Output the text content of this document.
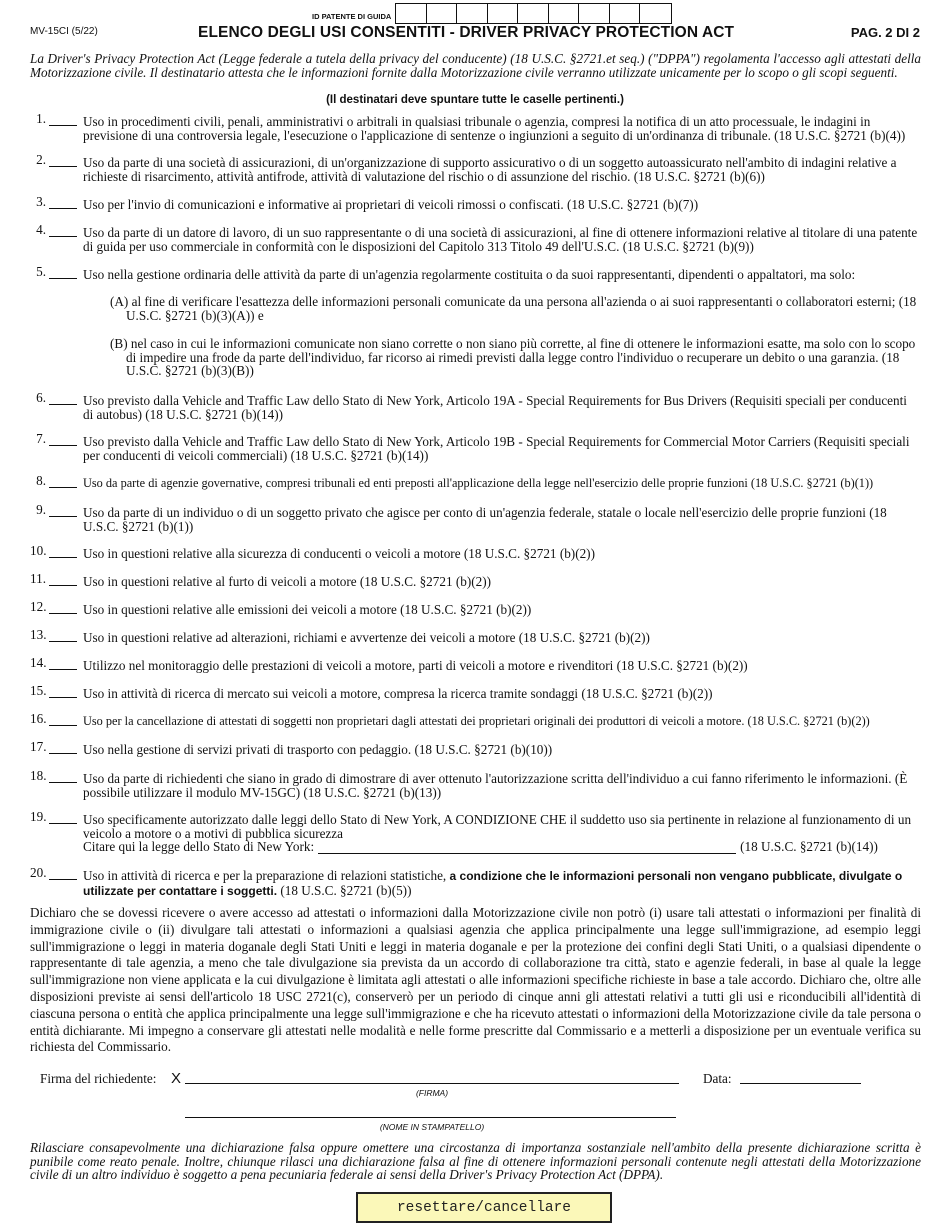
MV-15CI (5/22)
ID PATENTE DI GUIDA
ELENCO DEGLI USI CONSENTITI - DRIVER PRIVACY PROTECTION ACT	PAG. 2 DI 2
La Driver's Privacy Protection Act (Legge federale a tutela della privacy del conducente) (18 U.S.C. §2721.et seq.) ("DPPA") regolamenta l'accesso agli attestati della Motorizzazione civile. Il destinatario attesta che le informazioni fornite dalla Motorizzazione civile verranno utilizzate unicamente per lo scopo o gli scopi seguenti.
(Il destinatari deve spuntare tutte le caselle pertinenti.)
1.	Uso in procedimenti civili, penali, amministrativi o arbitrali in qualsiasi tribunale o agenzia, compresi la notifica di un atto processuale, le indagini in previsione di una controversia legale, l'esecuzione o l'applicazione di sentenze o ingiunzioni a seguito di un'ordinanza di tribunale. (18 U.S.C. §2721 (b)(4))
2.	Uso da parte di una società di assicurazioni, di un'organizzazione di supporto assicurativo o di un soggetto autoassicurato nell'ambito di indagini relative a richieste di risarcimento, attività antifrode, attività di valutazione del rischio o di assunzione del rischio. (18 U.S.C. §2721 (b)(6))
3.	Uso per l'invio di comunicazioni e informative ai proprietari di veicoli rimossi o confiscati. (18 U.S.C. §2721 (b)(7))
4.	Uso da parte di un datore di lavoro, di un suo rappresentante o di una società di assicurazioni, al fine di ottenere informazioni relative al titolare di una patente di guida per uso commerciale in conformità con le disposizioni del Capitolo 313 Titolo 49 dell'U.S.C. (18 U.S.C. §2721 (b)(9))
5.	Uso nella gestione ordinaria delle attività da parte di un'agenzia regolarmente costituita o da suoi rappresentanti, dipendenti o appaltatori, ma solo:
(A) al fine di verificare l'esattezza delle informazioni personali comunicate da una persona all'azienda o ai suoi rappresentanti o collaboratori esterni; (18 U.S.C. §2721 (b)(3)(A)) e
(B) nel caso in cui le informazioni comunicate non siano corrette o non siano più corrette, al fine di ottenere le informazioni esatte, ma solo con lo scopo di impedire una frode da parte dell'individuo, far ricorso ai rimedi previsti dalla legge contro l'individuo o recuperare un debito o una garanzia. (18 U.S.C. §2721 (b)(3)(B))
6.	Uso previsto dalla Vehicle and Traffic Law dello Stato di New York, Articolo 19A - Special Requirements for Bus Drivers (Requisiti speciali per conducenti di autobus) (18 U.S.C. §2721 (b)(14))
7.	Uso previsto dalla Vehicle and Traffic Law dello Stato di New York, Articolo 19B - Special Requirements for Commercial Motor Carriers (Requisiti speciali per conducenti di veicoli commerciali) (18 U.S.C. §2721 (b)(14))
8.	Uso da parte di agenzie governative, compresi tribunali ed enti preposti all'applicazione della legge nell'esercizio delle proprie funzioni (18 U.S.C. §2721 (b)(1))
9.	Uso da parte di un individuo o di un soggetto privato che agisce per conto di un'agenzia federale, statale o locale nell'esercizio delle proprie funzioni (18 U.S.C. §2721 (b)(1))
10.	Uso in questioni relative alla sicurezza di conducenti o veicoli a motore (18 U.S.C. §2721 (b)(2))
11.	Uso in questioni relative al furto di veicoli a motore (18 U.S.C. §2721 (b)(2))
12.	Uso in questioni relative alle emissioni dei veicoli a motore (18 U.S.C. §2721 (b)(2))
13.	Uso in questioni relative ad alterazioni, richiami e avvertenze dei veicoli a motore (18 U.S.C. §2721 (b)(2))
14.	Utilizzo nel monitoraggio delle prestazioni di veicoli a motore, parti di veicoli a motore e rivenditori (18 U.S.C. §2721 (b)(2))
15.	Uso in attività di ricerca di mercato sui veicoli a motore, compresa la ricerca tramite sondaggi (18 U.S.C. §2721 (b)(2))
16.	Uso per la cancellazione di attestati di soggetti non proprietari dagli attestati dei proprietari originali dei produttori di veicoli a motore. (18 U.S.C. §2721 (b)(2))
17.	Uso nella gestione di servizi privati di trasporto con pedaggio. (18 U.S.C. §2721 (b)(10))
18.	Uso da parte di richiedenti che siano in grado di dimostrare di aver ottenuto l'autorizzazione scritta dell'individuo a cui fanno riferimento le informazioni. (È possibile utilizzare il modulo MV-15GC) (18 U.S.C. §2721 (b)(13))
19.	Uso specificamente autorizzato dalle leggi dello Stato di New York, A CONDIZIONE CHE il suddetto uso sia pertinente in relazione al funzionamento di un veicolo a motore o a motivi di pubblica sicurezza
Citare qui la legge dello Stato di New York:	(18 U.S.C. §2721 (b)(14))
20.	Uso in attività di ricerca e per la preparazione di relazioni statistiche, a condizione che le informazioni personali non vengano pubblicate, divulgate o utilizzate per contattare i soggetti. (18 U.S.C. §2721 (b)(5))
Dichiaro che se dovessi ricevere o avere accesso ad attestati o informazioni dalla Motorizzazione civile non potrò (i) usare tali attestati o informazioni per finalità di immigrazione civile o (ii) divulgare tali attestati o informazioni a qualsiasi agenzia che applica principalmente una legge sull'immigrazione, ad esempio leggi sull'immigrazione o leggi in materia doganale degli Stati Uniti e leggi in materia doganale e per la protezione dei confini degli Stati Uniti, o a qualsiasi dipendente o rappresentante di tale agenzia, a meno che tale divulgazione sia prevista da un accordo di collaborazione tra città, stato e agenzie federali, in base al quale la legge sull'immigrazione non viene applicata e la cui divulgazione è limitata agli attestati o alle informazioni specifiche richieste in base a tale accordo. Dichiaro che, oltre alle disposizioni previste ai sensi dell'articolo 18 USC 2721(c), conserverò per un periodo di cinque anni gli attestati relativi a tutti gli usi e riconducibili all'identità di ciascuna persona o entità che applica principalmente una legge sull'immigrazione e che ha ricevuto attestati o informazioni della Motorizzazione civile da tale persona o entità dichiarante. Mi impegno a conservare gli attestati nelle modalità e nelle forme prescritte dal Commissario e a metterli a disposizione per un eventuale verifica su richiesta del Commissario.
Firma del richiedente: X
(FIRMA)
Data:
(NOME IN STAMPATELLO)
Rilasciare consapevolmente una dichiarazione falsa oppure omettere una circostanza di importanza sostanziale nell'ambito della presente dichiarazione scritta è punibile come reato penale. Inoltre, chiunque rilasci una dichiarazione falsa al fine di ottenere informazioni personali contenute negli attestati della Motorizzazione civile di un altro individuo è soggetto a pena pecuniaria federale ai sensi della Driver's Privacy Protection Act (DPPA).
resettare/cancellare
